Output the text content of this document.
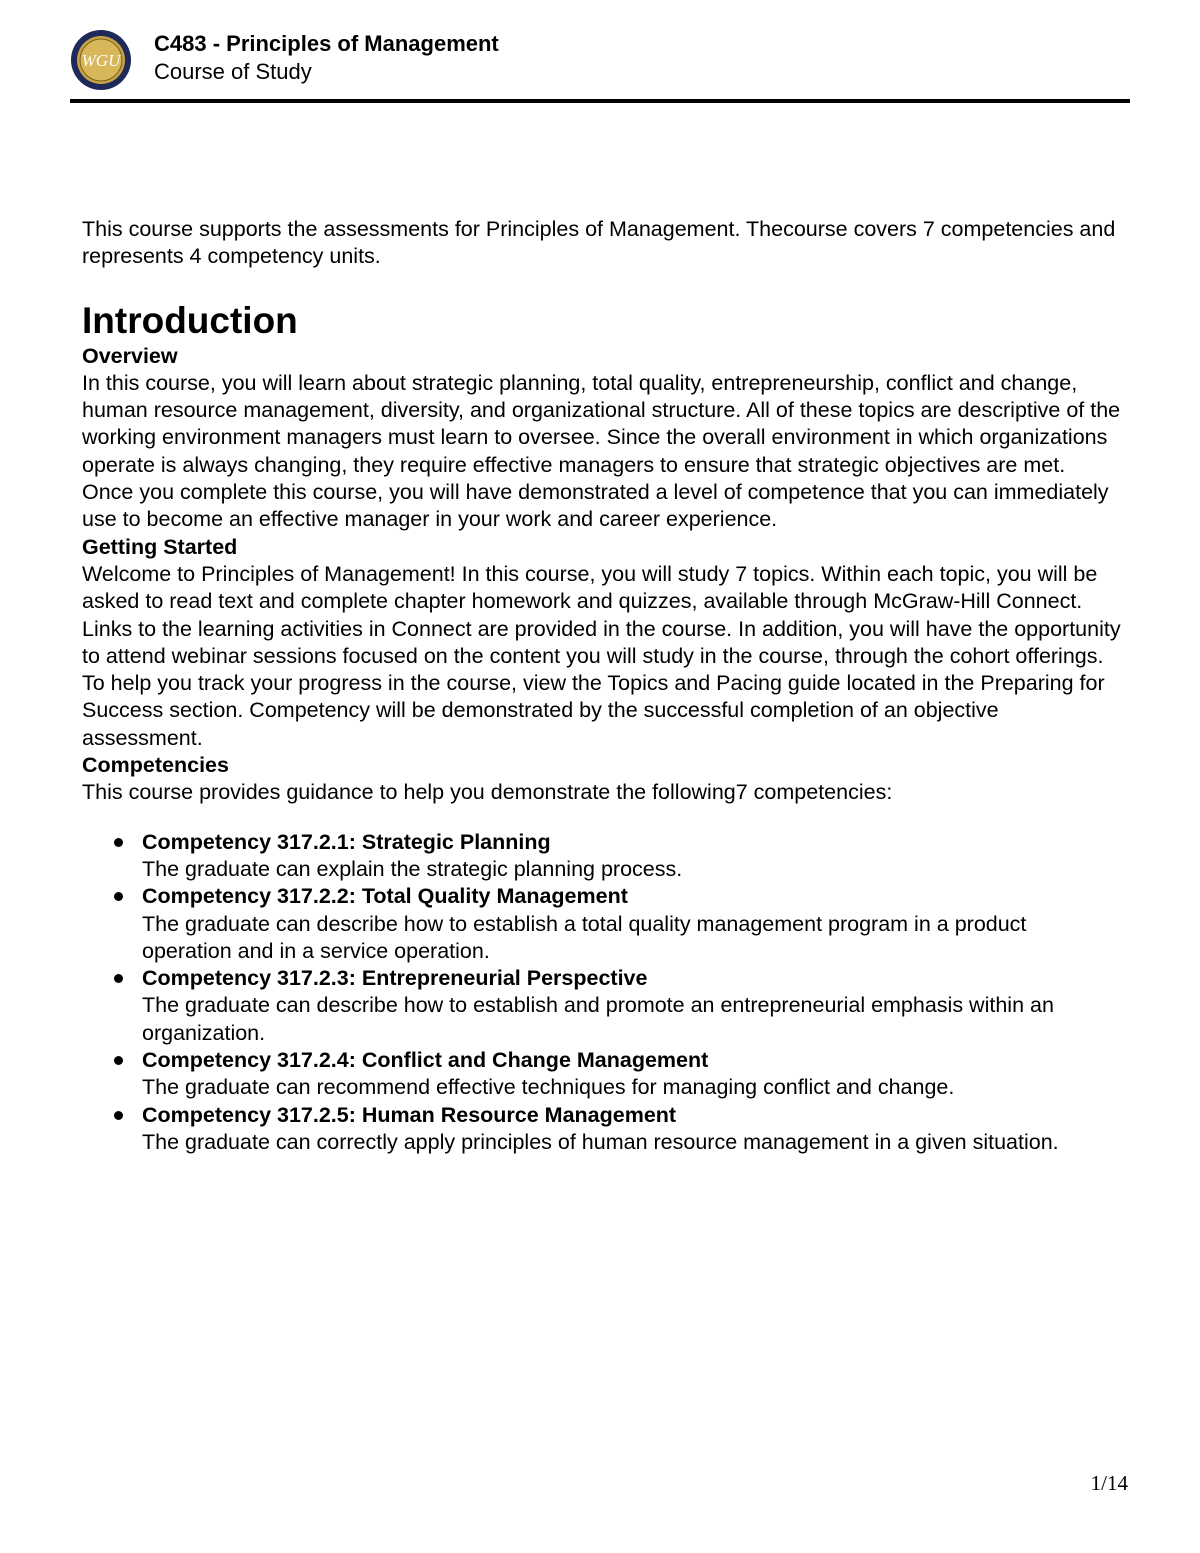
WGU
C483 - Principles of Management
Course of Study

This course supports the assessments for Principles of Management. Thecourse covers 7 competencies and represents 4 competency units.

Introduction

Overview

In this course, you will learn about strategic planning, total quality, entrepreneurship, conflict and change, human resource management, diversity, and organizational structure. All of these topics are descriptive of the working environment managers must learn to oversee. Since the overall environment in which organizations operate is always changing, they require effective managers to ensure that strategic objectives are met. Once you complete this course, you will have demonstrated a level of competence that you can immediately use to become an effective manager in your work and career experience.

Getting Started

Welcome to Principles of Management! In this course, you will study 7 topics. Within each topic, you will be asked to read text and complete chapter homework and quizzes, available through McGraw-Hill Connect. Links to the learning activities in Connect are provided in the course. In addition, you will have the opportunity to attend webinar sessions focused on the content you will study in the course, through the cohort offerings. To help you track your progress in the course, view the Topics and Pacing guide located in the Preparing for Success section. Competency will be demonstrated by the successful completion of an objective assessment.

Competencies

This course provides guidance to help you demonstrate the following7 competencies:

Competency 317.2.1: Strategic Planning
The graduate can explain the strategic planning process.
Competency 317.2.2: Total Quality Management
The graduate can describe how to establish a total quality management program in a product operation and in a service operation.
Competency 317.2.3: Entrepreneurial Perspective
The graduate can describe how to establish and promote an entrepreneurial emphasis within an organization.
Competency 317.2.4: Conflict and Change Management
The graduate can recommend effective techniques for managing conflict and change.
Competency 317.2.5: Human Resource Management
The graduate can correctly apply principles of human resource management in a given situation.
1/14
